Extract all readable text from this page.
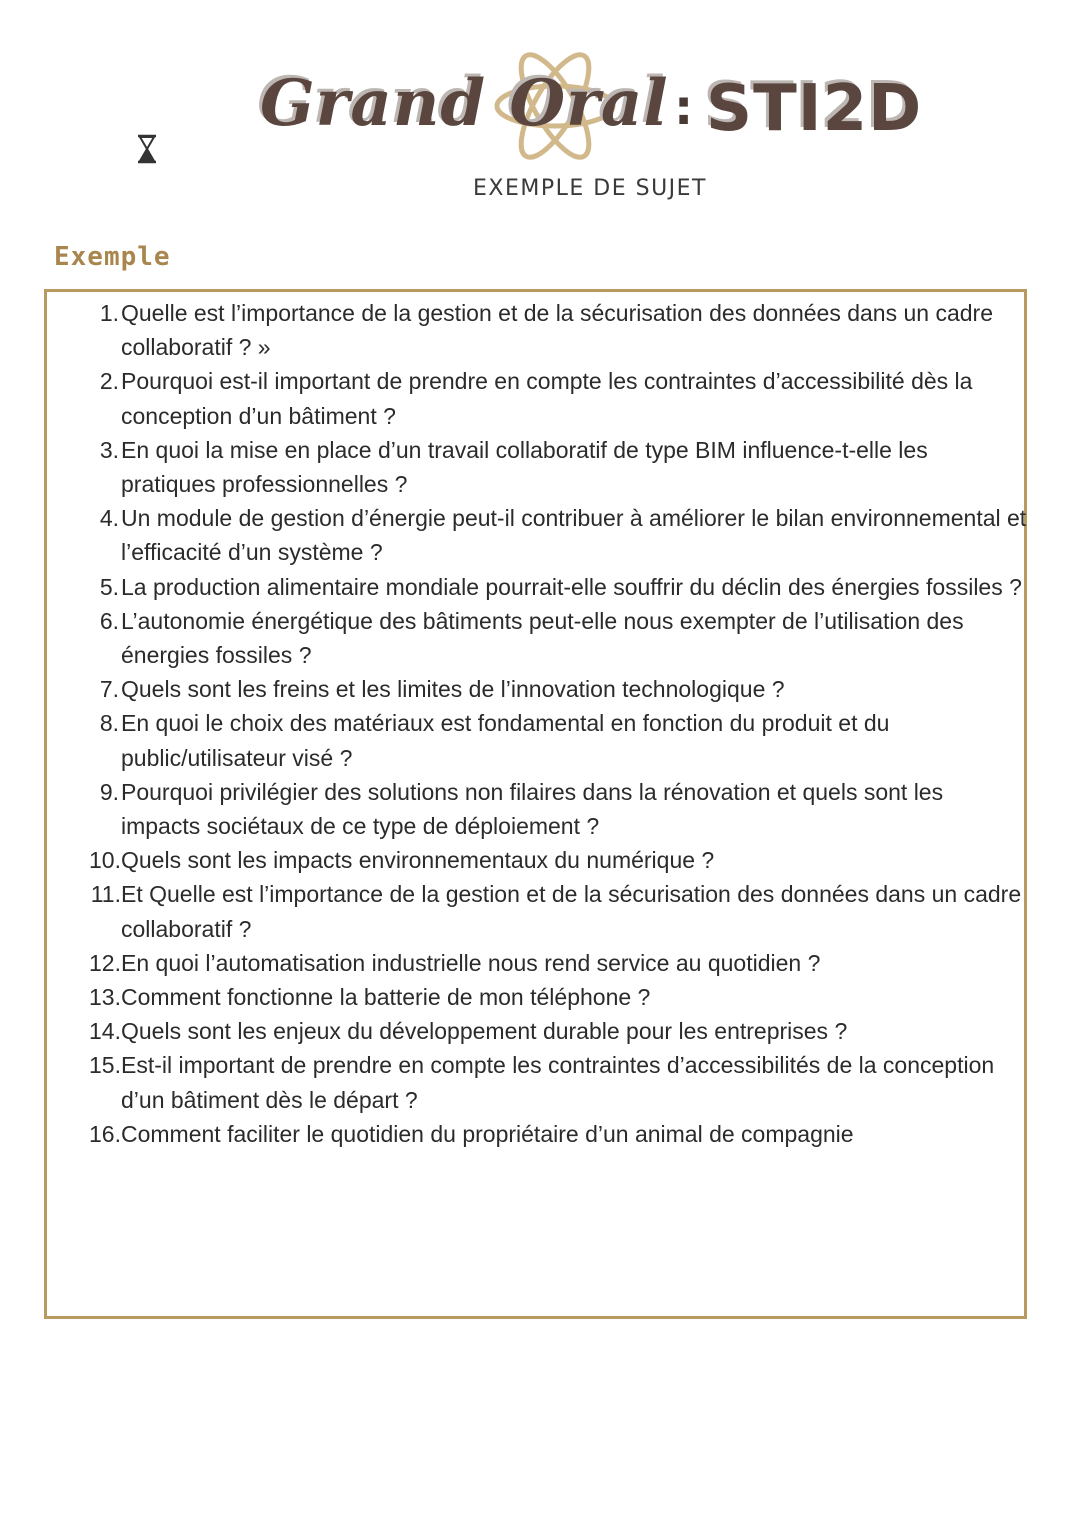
Grand Oral : STI2D
EXEMPLE DE SUJET
Exemple
1. Quelle est l’importance de la gestion et de la sécurisation des données dans un cadre collaboratif ? »
2. Pourquoi est-il important de prendre en compte les contraintes d’accessibilité dès la conception d’un bâtiment ?
3. En quoi la mise en place d’un travail collaboratif de type BIM influence-t-elle les pratiques professionnelles ?
4. Un module de gestion d’énergie peut-il contribuer à améliorer le bilan environnemental et l’efficacité d’un système ?
5. La production alimentaire mondiale pourrait-elle souffrir du déclin des énergies fossiles ?
6. L’autonomie énergétique des bâtiments peut-elle nous exempter de l’utilisation des énergies fossiles ?
7. Quels sont les freins et les limites de l’innovation technologique ?
8. En quoi le choix des matériaux est fondamental en fonction du produit et du public/utilisateur visé ?
9. Pourquoi privilégier des solutions non filaires dans la rénovation et quels sont les impacts sociétaux de ce type de déploiement ?
10. Quels sont les impacts environnementaux du numérique ?
11. Et Quelle est l’importance de la gestion et de la sécurisation des données dans un cadre collaboratif ?
12. En quoi l’automatisation industrielle nous rend service au quotidien ?
13. Comment fonctionne la batterie de mon téléphone ?
14. Quels sont les enjeux du développement durable pour les entreprises ?
15. Est-il important de prendre en compte les contraintes d’accessibilités de la conception d’un bâtiment dès le départ ?
16. Comment faciliter le quotidien du propriétaire d’un animal de compagnie
